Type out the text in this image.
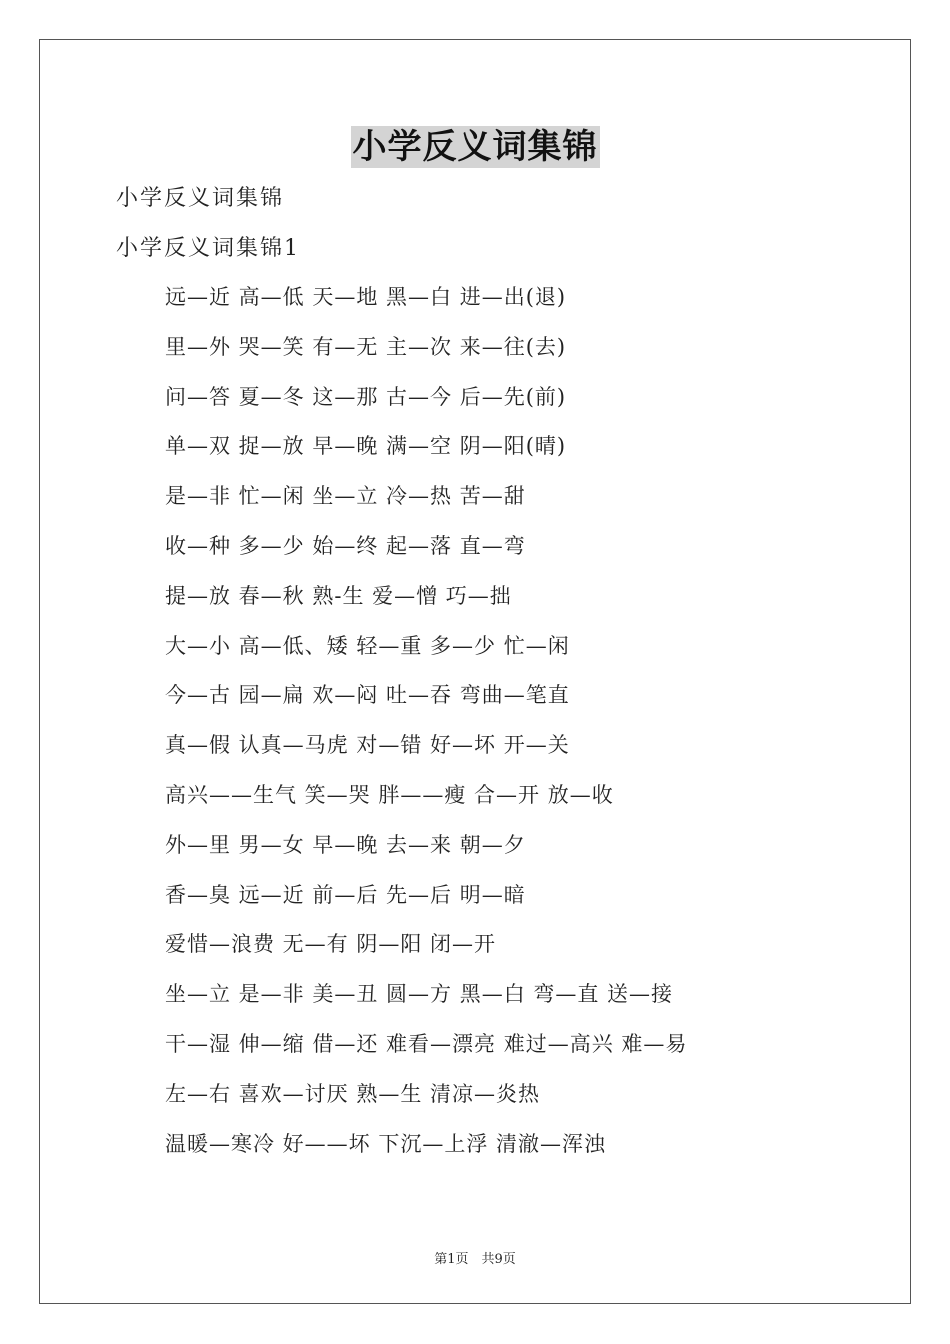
小学反义词集锦
小学反义词集锦
小学反义词集锦1
远—近 高—低 天—地 黑—白 进—出(退)
里—外 哭—笑 有—无 主—次 来—往(去)
问—答 夏—冬 这—那 古—今 后—先(前)
单—双 捉—放 早—晚 满—空 阴—阳(晴)
是—非 忙—闲 坐—立 冷—热 苦—甜
收—种 多—少 始—终 起—落 直—弯
提—放 春—秋 熟-生 爱—憎 巧—拙
大—小 高—低、矮 轻—重 多—少 忙—闲
今—古 园—扁 欢—闷 吐—吞 弯曲—笔直
真—假 认真—马虎 对—错 好—坏 开—关
高兴——生气 笑—哭 胖——瘦 合—开 放—收
外—里 男—女 早—晚 去—来 朝—夕
香—臭 远—近 前—后 先—后 明—暗
爱惜—浪费 无—有 阴—阳 闭—开
坐—立 是—非 美—丑 圆—方 黑—白 弯—直 送—接
干—湿 伸—缩 借—还 难看—漂亮 难过—高兴 难—易
左—右 喜欢—讨厌 熟—生 清凉—炎热
温暖—寒冷 好——坏 下沉—上浮 清澈—浑浊
第1页　共9页
